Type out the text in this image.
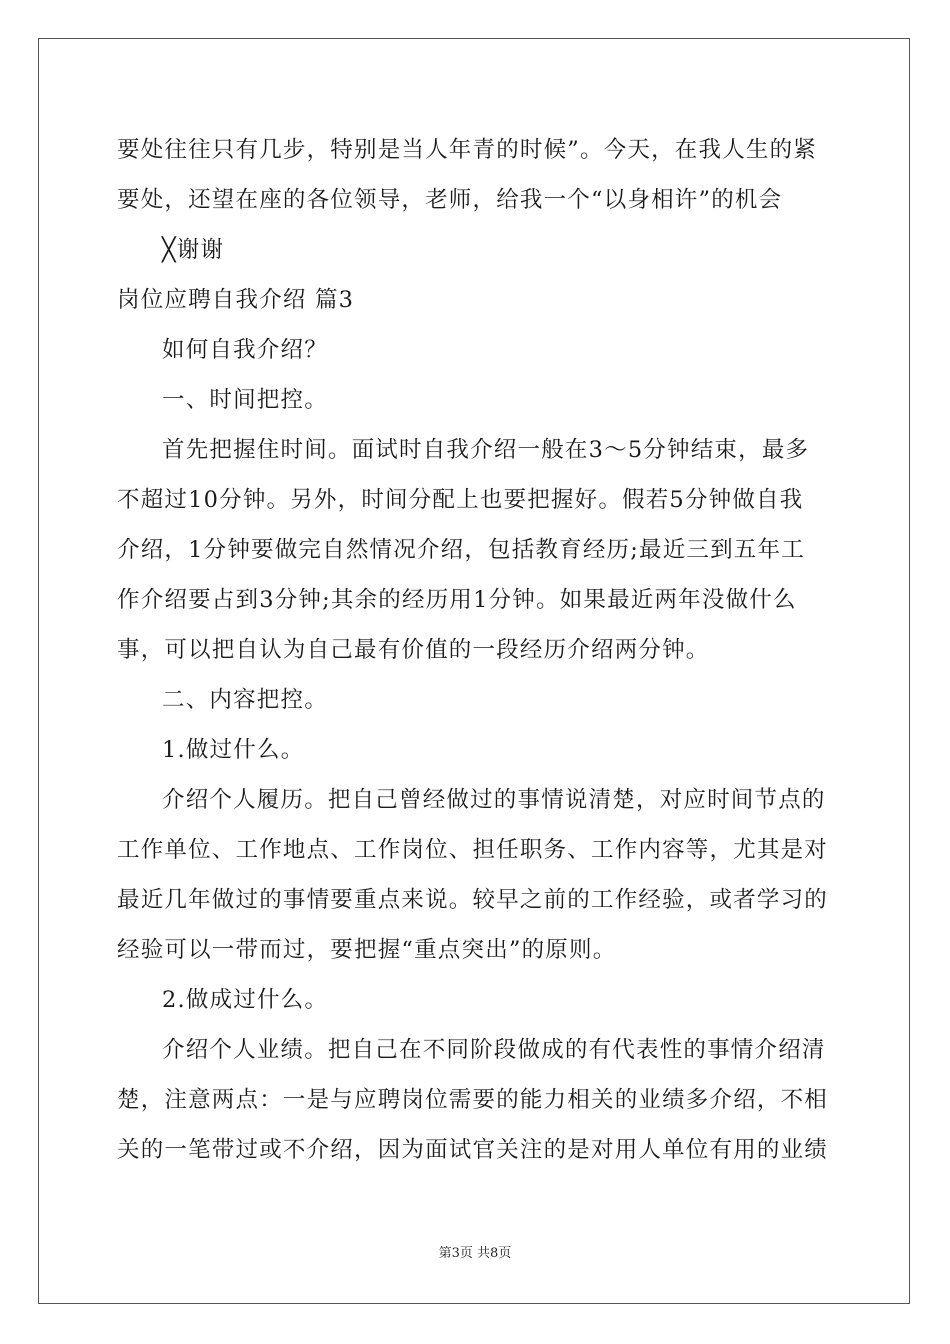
要处往往只有几步，特别是当人年青的时候”。今天，在我人生的紧
要处，还望在座的各位领导，老师，给我一个“以身相许”的机会
╳谢谢
岗位应聘自我介绍 篇3
如何自我介绍？
一、时间把控。
首先把握住时间。面试时自我介绍一般在3～5分钟结束，最多
不超过10分钟。另外，时间分配上也要把握好。假若5分钟做自我
介绍，1分钟要做完自然情况介绍，包括教育经历;最近三到五年工
作介绍要占到3分钟;其余的经历用1分钟。如果最近两年没做什么
事，可以把自认为自己最有价值的一段经历介绍两分钟。
二、内容把控。
1.做过什么。
介绍个人履历。把自己曾经做过的事情说清楚，对应时间节点的
工作单位、工作地点、工作岗位、担任职务、工作内容等，尤其是对
最近几年做过的事情要重点来说。较早之前的工作经验，或者学习的
经验可以一带而过，要把握“重点突出”的原则。
2.做成过什么。
介绍个人业绩。把自己在不同阶段做成的有代表性的事情介绍清
楚，注意两点：一是与应聘岗位需要的能力相关的业绩多介绍，不相
关的一笔带过或不介绍，因为面试官关注的是对用人单位有用的业绩
第3页 共8页
